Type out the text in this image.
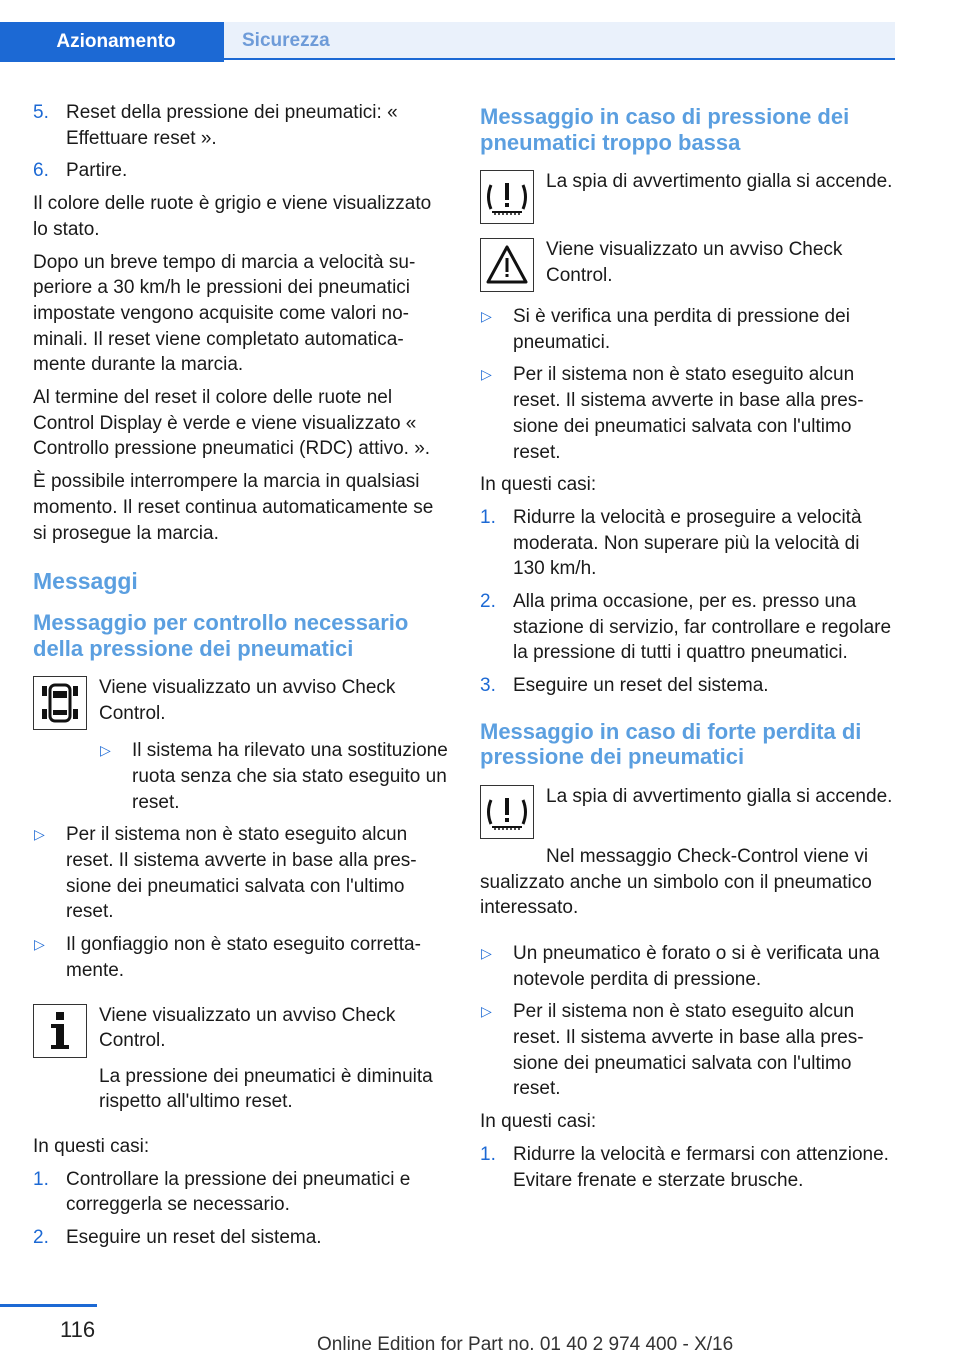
Azionamento	Sicurezza
5. Reset della pressione dei pneumatici: « Effettuare reset ».
6. Partire.

Il colore delle ruote è grigio e viene visualizzato lo stato.

Dopo un breve tempo di marcia a velocità superiore a 30 km/h le pressioni dei pneumatici impostate vengono acquisite come valori nominali. Il reset viene completato automaticamente durante la marcia.

Al termine del reset il colore delle ruote nel Control Display è verde e viene visualizzato « Controllo pressione pneumatici (RDC) attivo. ».

È possibile interrompere la marcia in qualsiasi momento. Il reset continua automaticamente se si prosegue la marcia.

Messaggi
Messaggio per controllo necessario della pressione dei pneumatici
Viene visualizzato un avviso Check Control.
▷ Il sistema ha rilevato una sostituzione ruota senza che sia stato eseguito un reset.
▷ Per il sistema non è stato eseguito alcun reset. Il sistema avverte in base alla pressione dei pneumatici salvata con l'ultimo reset.
▷ Il gonfiaggio non è stato eseguito correttamente.
Viene visualizzato un avviso Check Control.

La pressione dei pneumatici è diminuita rispetto all'ultimo reset.

In questi casi:

1. Controllare la pressione dei pneumatici e correggerla se necessario.
2. Eseguire un reset del sistema.
Messaggio in caso di pressione dei pneumatici troppo bassa
La spia di avvertimento gialla si accende.
Viene visualizzato un avviso Check Control.
▷ Si è verifica una perdita di pressione dei pneumatici.
▷ Per il sistema non è stato eseguito alcun reset. Il sistema avverte in base alla pressione dei pneumatici salvata con l'ultimo reset.

In questi casi:

1. Ridurre la velocità e proseguire a velocità moderata. Non superare più la velocità di 130 km/h.
2. Alla prima occasione, per es. presso una stazione di servizio, far controllare e regolare la pressione di tutti i quattro pneumatici.
3. Eseguire un reset del sistema.
Messaggio in caso di forte perdita di pressione dei pneumatici
La spia di avvertimento gialla si accende.
Nel messaggio Check-Control viene vi

sualizzato anche un simbolo con il pneumatico interessato.

▷ Un pneumatico è forato o si è verificata una notevole perdita di pressione.
▷ Per il sistema non è stato eseguito alcun reset. Il sistema avverte in base alla pressione dei pneumatici salvata con l'ultimo reset.

In questi casi:

1. Ridurre la velocità e fermarsi con attenzione. Evitare frenate e sterzate brusche.
116
Online Edition for Part no. 01 40 2 974 400 - X/16
